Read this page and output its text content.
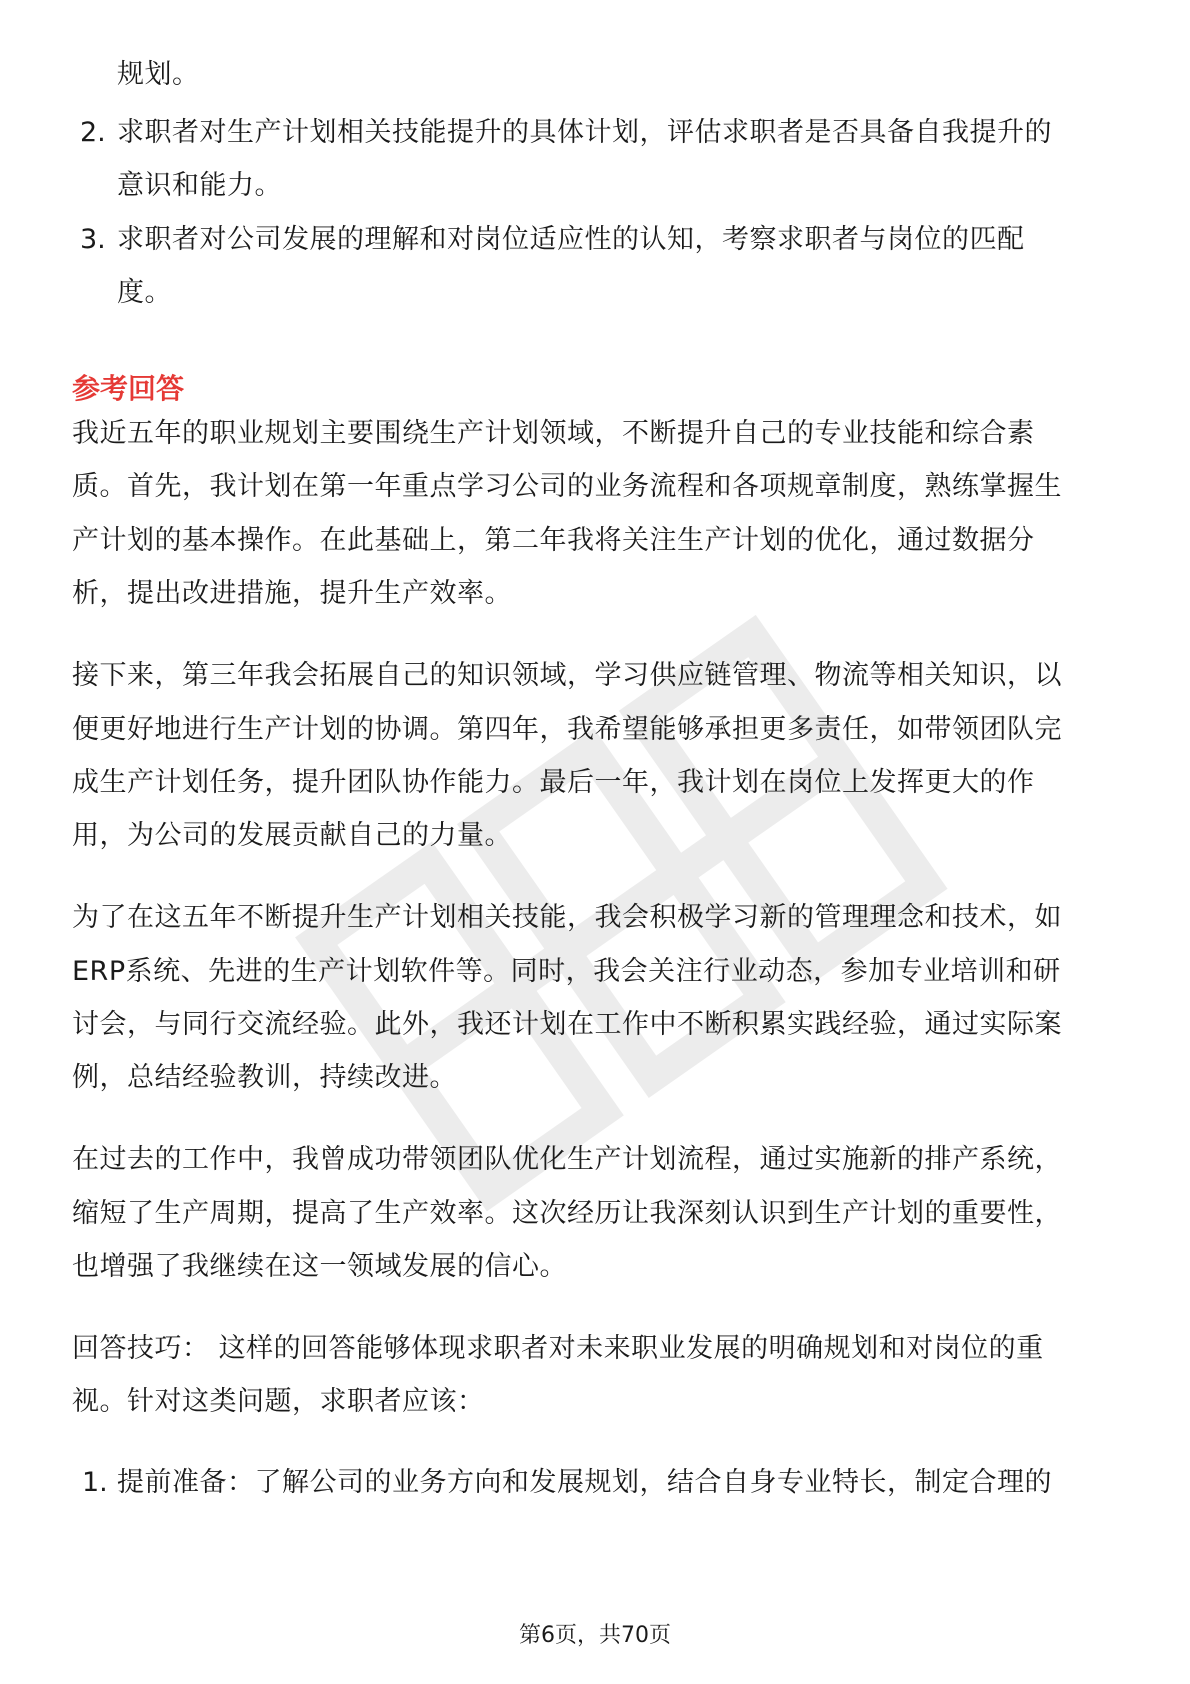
规划。
2. 求职者对生产计划相关技能提升的具体计划，评估求职者是否具备自我提升的
意识和能力。
3. 求职者对公司发展的理解和对岗位适应性的认知，考察求职者与岗位的匹配
度。
参考回答
我近五年的职业规划主要围绕生产计划领域，不断提升自己的专业技能和综合素
质。首先，我计划在第一年重点学习公司的业务流程和各项规章制度，熟练掌握生
产计划的基本操作。在此基础上，第二年我将关注生产计划的优化，通过数据分
析，提出改进措施，提升生产效率。
接下来，第三年我会拓展自己的知识领域，学习供应链管理、物流等相关知识，以
便更好地进行生产计划的协调。第四年，我希望能够承担更多责任，如带领团队完
成生产计划任务，提升团队协作能力。最后一年，我计划在岗位上发挥更大的作
用，为公司的发展贡献自己的力量。
为了在这五年不断提升生产计划相关技能，我会积极学习新的管理理念和技术，如
ERP系统、先进的生产计划软件等。同时，我会关注行业动态，参加专业培训和研
讨会，与同行交流经验。此外，我还计划在工作中不断积累实践经验，通过实际案
例，总结经验教训，持续改进。
在过去的工作中，我曾成功带领团队优化生产计划流程，通过实施新的排产系统，
缩短了生产周期，提高了生产效率。这次经历让我深刻认识到生产计划的重要性，
也增强了我继续在这一领域发展的信心。
回答技巧： 这样的回答能够体现求职者对未来职业发展的明确规划和对岗位的重
视。针对这类问题，求职者应该：
1. 提前准备：了解公司的业务方向和发展规划，结合自身专业特长，制定合理的
第6页，共70页
